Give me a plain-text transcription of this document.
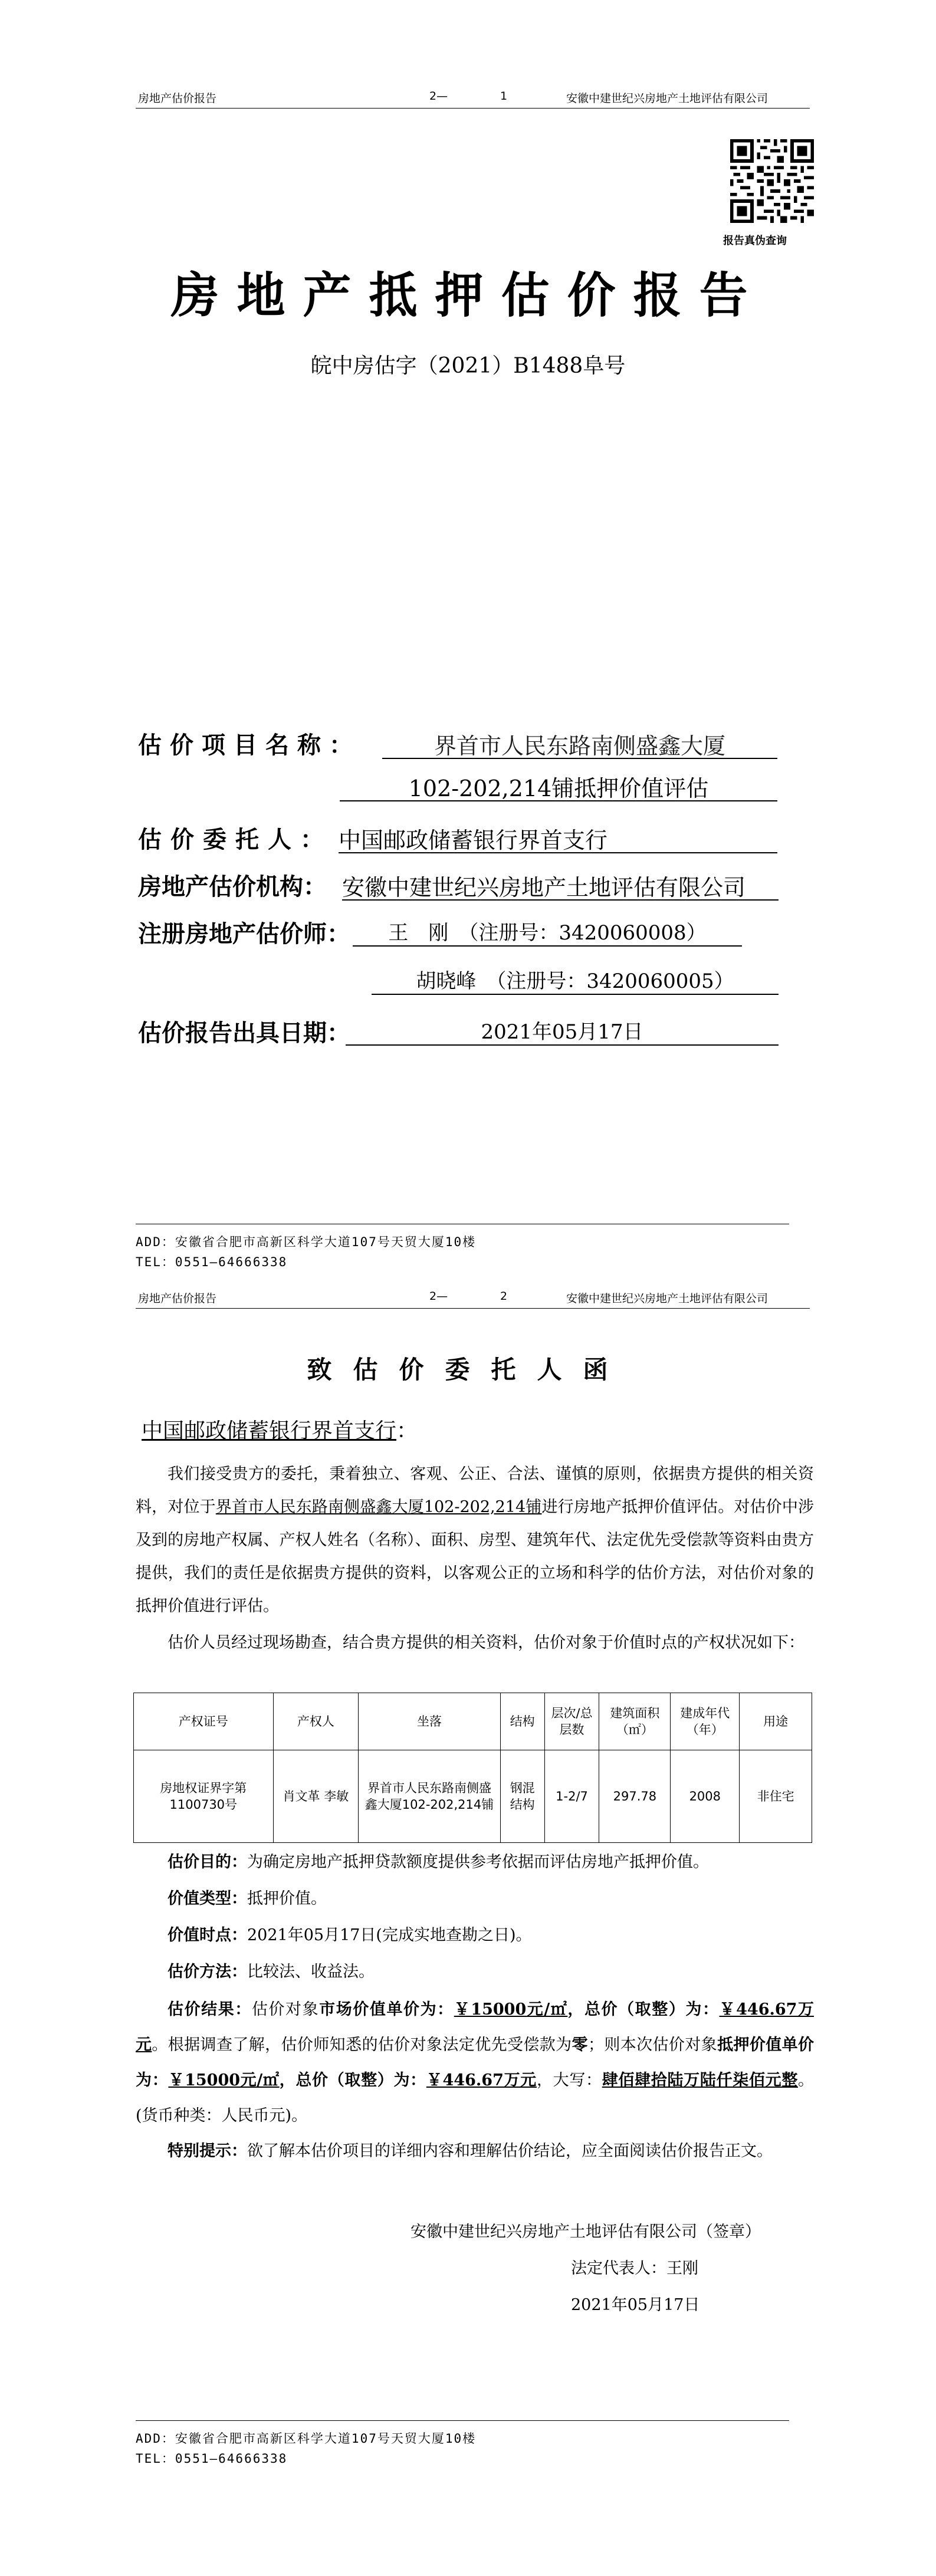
房地产估价报告	2—	1	安徽中建世纪兴房地产土地评估有限公司
报告真伪查询
房地产抵押估价报告
皖中房估字（2021）B1488阜号
估价项目名称：	界首市人民东路南侧盛鑫大厦
102-202,214铺抵押价值评估
估价委托人： 中国邮政储蓄银行界首支行
房地产估价机构： 安徽中建世纪兴房地产土地评估有限公司
注册房地产估价师：	王　刚　（注册号：3420060008）
胡晓峰　（注册号：3420060005）
估价报告出具日期：	2021年05月17日
ADD：安徽省合肥市高新区科学大道107号天贸大厦10楼
TEL：0551—64666338
房地产估价报告	2—	2	安徽中建世纪兴房地产土地评估有限公司
致估价委托人函
中国邮政储蓄银行界首支行：
我们接受贵方的委托，秉着独立、客观、公正、合法、谨慎的原则，依据贵方提供的相关资料，对位于界首市人民东路南侧盛鑫大厦102-202,214铺进行房地产抵押价值评估。对估价中涉及到的房地产权属、产权人姓名（名称）、面积、房型、建筑年代、法定优先受偿款等资料由贵方提供，我们的责任是依据贵方提供的资料，以客观公正的立场和科学的估价方法，对估价对象的抵押价值进行评估。
估价人员经过现场勘查，结合贵方提供的相关资料，估价对象于价值时点的产权状况如下：
产权证号	产权人	坐落	结构	层次/总层数	建筑面积（㎡）	建成年代（年）	用途
房地权证界字第1100730号	肖文革 李敏	界首市人民东路南侧盛鑫大厦102-202,214铺	钢混结构	1-2/7	297.78	2008	非住宅
估价目的：为确定房地产抵押贷款额度提供参考依据而评估房地产抵押价值。
价值类型：抵押价值。
价值时点：2021年05月17日(完成实地查勘之日)。
估价方法：比较法、收益法。
估价结果：估价对象市场价值单价为：￥15000元/㎡，总价（取整）为：￥446.67万元。根据调查了解，估价师知悉的估价对象法定优先受偿款为零；则本次估价对象抵押价值单价为：￥15000元/㎡，总价（取整）为：￥446.67万元，大写：肆佰肆拾陆万陆仟柒佰元整。(货币种类：人民币元)。
特别提示：欲了解本估价项目的详细内容和理解估价结论，应全面阅读估价报告正文。
安徽中建世纪兴房地产土地评估有限公司（签章）
法定代表人：王刚
2021年05月17日
ADD：安徽省合肥市高新区科学大道107号天贸大厦10楼
TEL：0551—64666338
